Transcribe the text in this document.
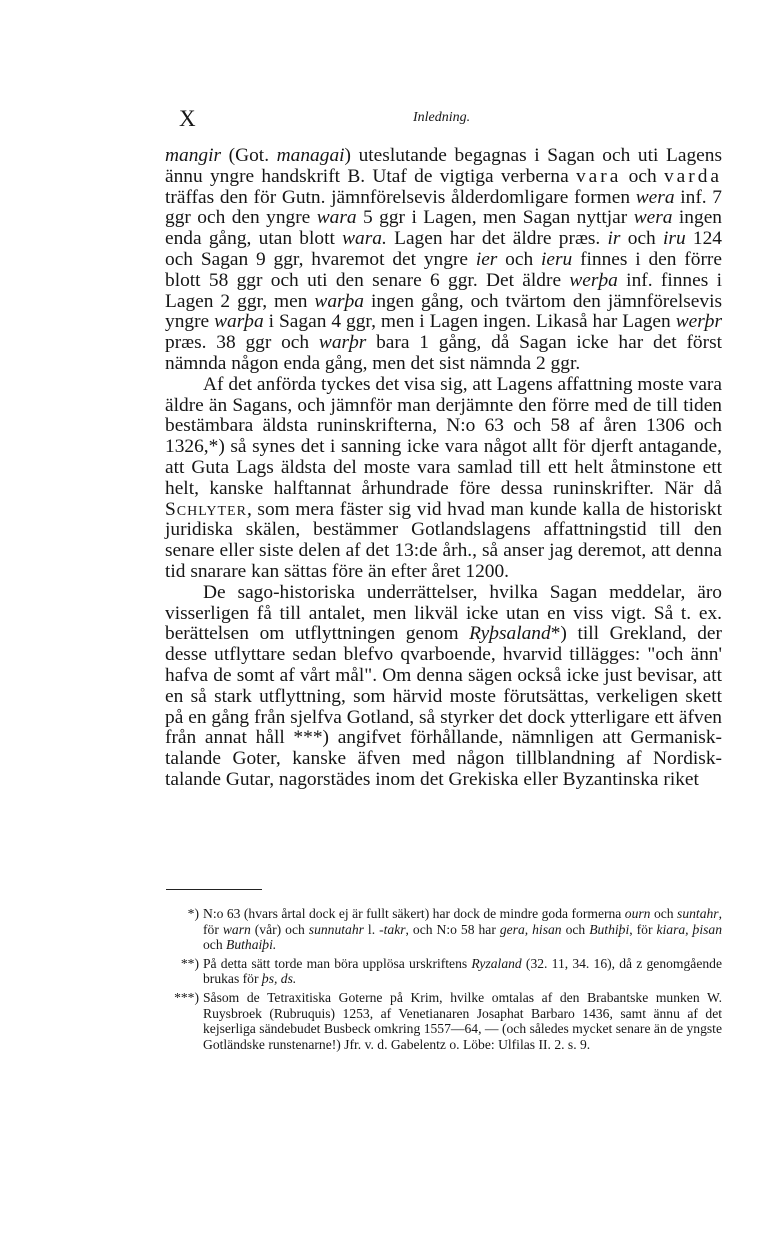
X	Inledning.

mangir (Got. managai) uteslutande begagnas i Sagan och uti Lagens ännu yngre handskrift B. Utaf de vigtiga verberna vara och varda träffas den för Gutn. jämnförelsevis ålderdomligare formen wera inf. 7 ggr och den yngre wara 5 ggr i Lagen, men Sagan nyttjar wera ingen enda gång, utan blott wara. Lagen har det äldre præs. ir och iru 124 och Sagan 9 ggr, hvaremot det yngre ier och ieru finnes i den förre blott 58 ggr och uti den senare 6 ggr. Det äldre werþa inf. finnes i Lagen 2 ggr, men warþa ingen gång, och tvärtom den jämnförelsevis yngre warþa i Sagan 4 ggr, men i Lagen ingen. Likaså har Lagen werþr præs. 38 ggr och warþr bara 1 gång, då Sagan icke har det först nämnda någon enda gång, men det sist nämnda 2 ggr.

Af det anförda tyckes det visa sig, att Lagens affattning moste vara äldre än Sagans, och jämnför man derjämnte den förre med de till tiden bestämbara äldsta runinskrifterna, N:o 63 och 58 af åren 1306 och 1326,*) så synes det i sanning icke vara något allt för djerft antagande, att Guta Lags äldsta del moste vara samlad till ett helt åtminstone ett helt, kanske halftannat århundrade före dessa runinskrifter. När då Schlyter, som mera fäster sig vid hvad man kunde kalla de historiskt juridiska skälen, bestämmer Gotlandslagens affattningstid till den senare eller siste delen af det 13:de årh., så anser jag deremot, att denna tid snarare kan sättas före än efter året 1200.

De sago-historiska underrättelser, hvilka Sagan meddelar, äro visserligen få till antalet, men likväl icke utan en viss vigt. Så t. ex. berättelsen om utflyttningen genom Ryþsaland*) till Grekland, der desse utflyttare sedan blefvo qvarboende, hvarvid tillägges: "och änn' hafva de somt af vårt mål". Om denna sägen också icke just bevisar, att en så stark utflyttning, som härvid moste förutsättas, verkeligen skett på en gång från sjelfva Gotland, så styrker det dock ytterligare ett äfven från annat håll ***) angifvet förhållande, nämnligen att Germanisk-talande Goter, kanske äfven med någon tillblandning af Nordisk-talande Gutar, nagorstädes inom det Grekiska eller Byzantinska riket

*) N:o 63 (hvars årtal dock ej är fullt säkert) har dock de mindre goda formerna ourn och suntahr, för warn (vår) och sunnutahr l. -takr, och N:o 58 har gera, hisan och Buthiþi, för kiara, þisan och Buthaiþi.
**) På detta sätt torde man böra upplösa urskriftens Ryzaland (32. 11, 34. 16), då z genomgående brukas för þs, ds.
***) Såsom de Tetraxitiska Goterne på Krim, hvilke omtalas af den Brabantske munken W. Ruysbroek (Rubruquis) 1253, af Venetianaren Josaphat Barbaro 1436, samt ännu af det kejserliga sändebudet Busbeck omkring 1557—64, — (och således mycket senare än de yngste Gotländske runstenarne!) Jfr. v. d. Gabelentz o. Löbe: Ulfilas II. 2. s. 9.
